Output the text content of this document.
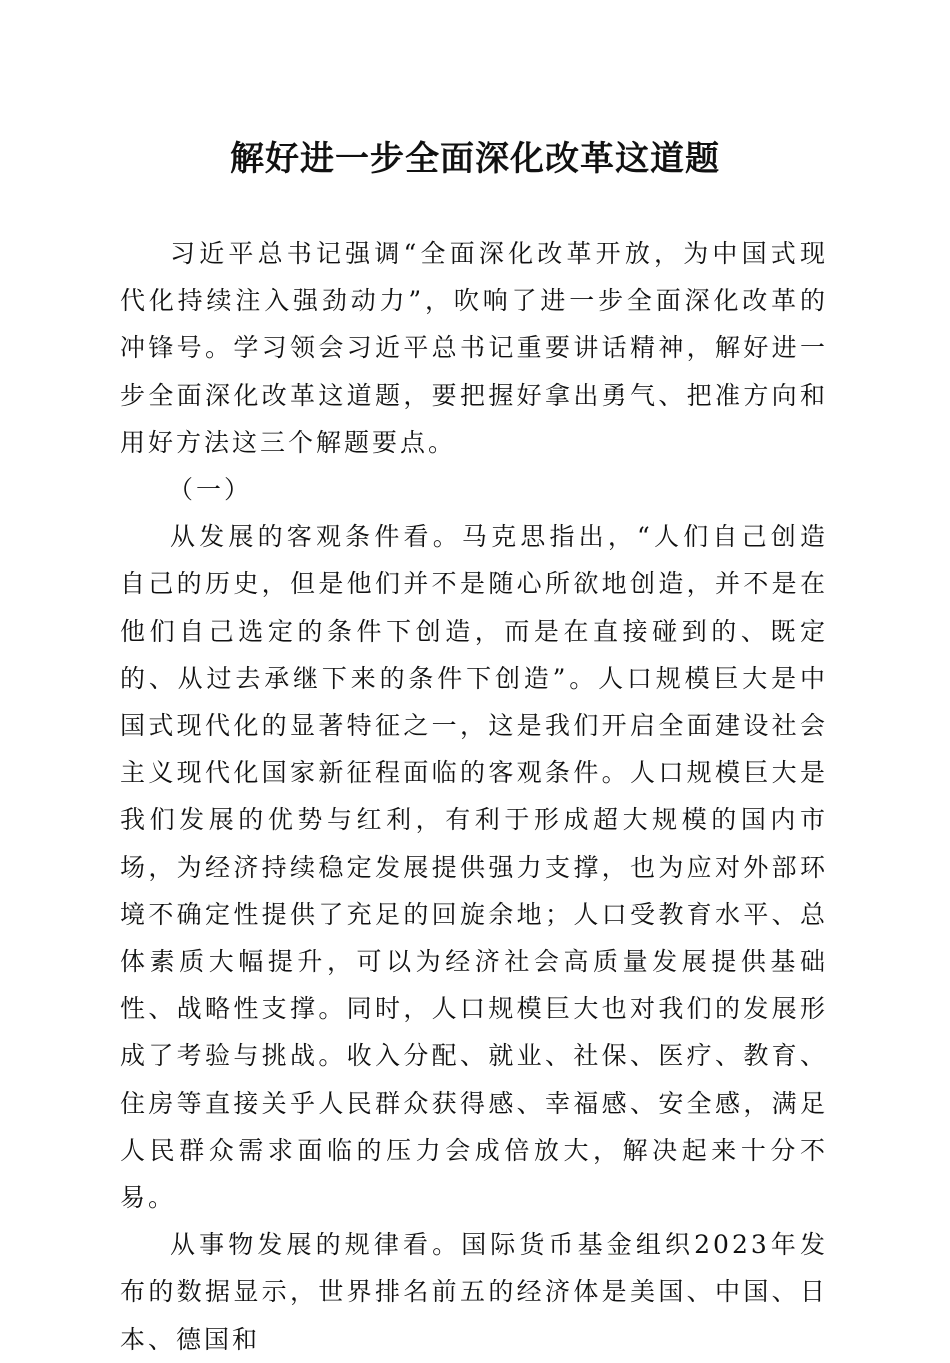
解好进一步全面深化改革这道题

习近平总书记强调“全面深化改革开放，为中国式现代化持续注入强劲动力”，吹响了进一步全面深化改革的冲锋号。学习领会习近平总书记重要讲话精神，解好进一步全面深化改革这道题，要把握好拿出勇气、把准方向和用好方法这三个解题要点。

（一）

从发展的客观条件看。马克思指出，“人们自己创造自己的历史，但是他们并不是随心所欲地创造，并不是在他们自己选定的条件下创造，而是在直接碰到的、既定的、从过去承继下来的条件下创造”。人口规模巨大是中国式现代化的显著特征之一，这是我们开启全面建设社会主义现代化国家新征程面临的客观条件。人口规模巨大是我们发展的优势与红利，有利于形成超大规模的国内市场，为经济持续稳定发展提供强力支撑，也为应对外部环境不确定性提供了充足的回旋余地；人口受教育水平、总体素质大幅提升，可以为经济社会高质量发展提供基础性、战略性支撑。同时，人口规模巨大也对我们的发展形成了考验与挑战。收入分配、就业、社保、医疗、教育、住房等直接关乎人民群众获得感、幸福感、安全感，满足人民群众需求面临的压力会成倍放大，解决起来十分不易。

从事物发展的规律看。国际货币基金组织2023年发布的数据显示，世界排名前五的经济体是美国、中国、日本、德国和
